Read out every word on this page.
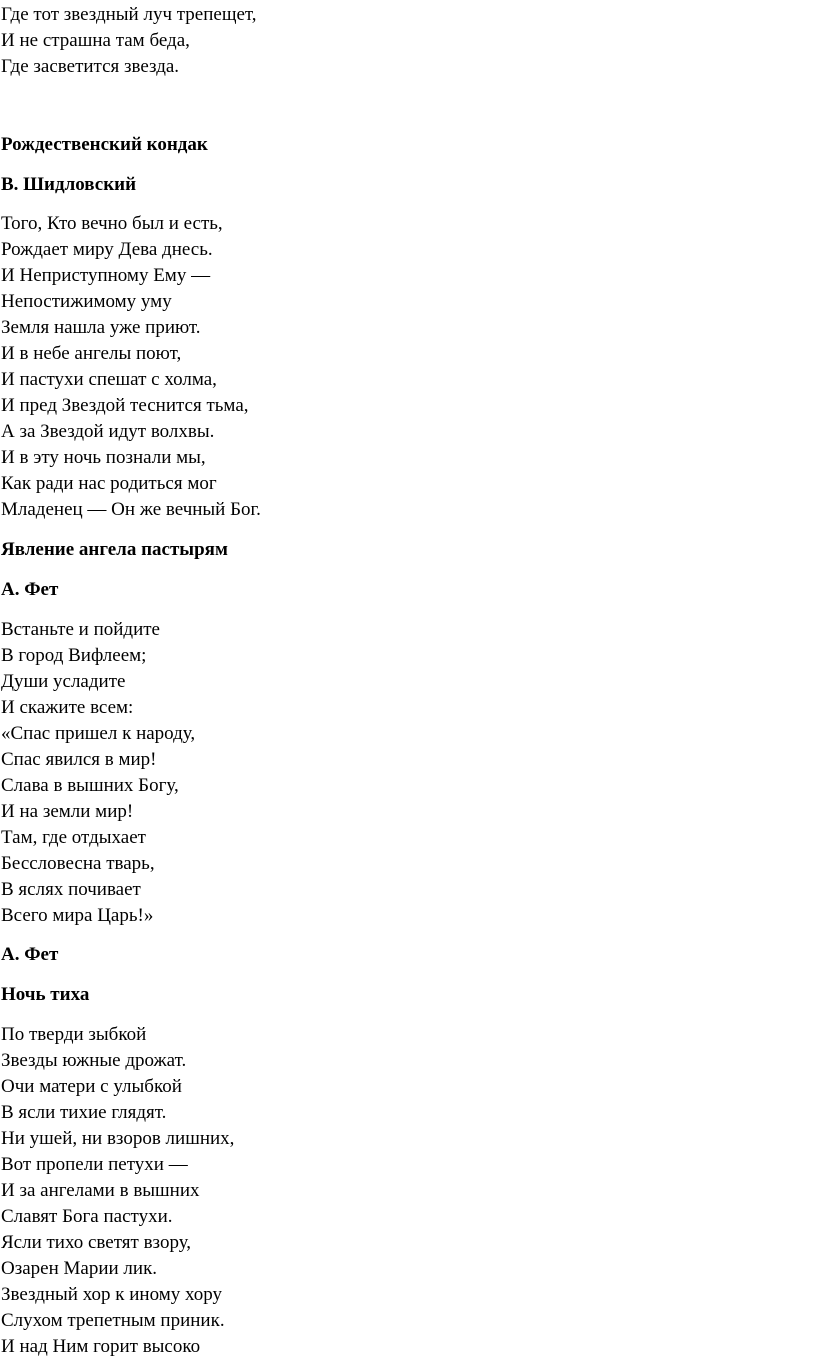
Где тот звездный луч трепещет,
И не страшна там беда,
Где засветится звезда.
Рождественский кондак
В. Шидловский
Того, Кто вечно был и есть,
Рождает миру Дева днесь.
И Неприступному Ему —
Непостижимому уму
Земля нашла уже приют.
И в небе ангелы поют,
И пастухи спешат с холма,
И пред Звездой теснится тьма,
А за Звездой идут волхвы.
И в эту ночь познали мы,
Как ради нас родиться мог
Младенец — Он же вечный Бог.
Явление ангела пастырям
А. Фет
Встаньте и пойдите
В город Вифлеем;
Души усладите
И скажите всем:
«Спас пришел к народу,
Спас явился в мир!
Слава в вышних Богу,
И на земли мир!
Там, где отдыхает
Бессловесна тварь,
В яслях почивает
Всего мира Царь!»
А. Фет
Ночь тиха
По тверди зыбкой
Звезды южные дрожат.
Очи матери с улыбкой
В ясли тихие глядят.
Ни ушей, ни взоров лишних,
Вот пропели петухи —
И за ангелами в вышних
Славят Бога пастухи.
Ясли тихо светят взору,
Озарен Марии лик.
Звездный хор к иному хору
Слухом трепетным приник.
И над Ним горит высоко
